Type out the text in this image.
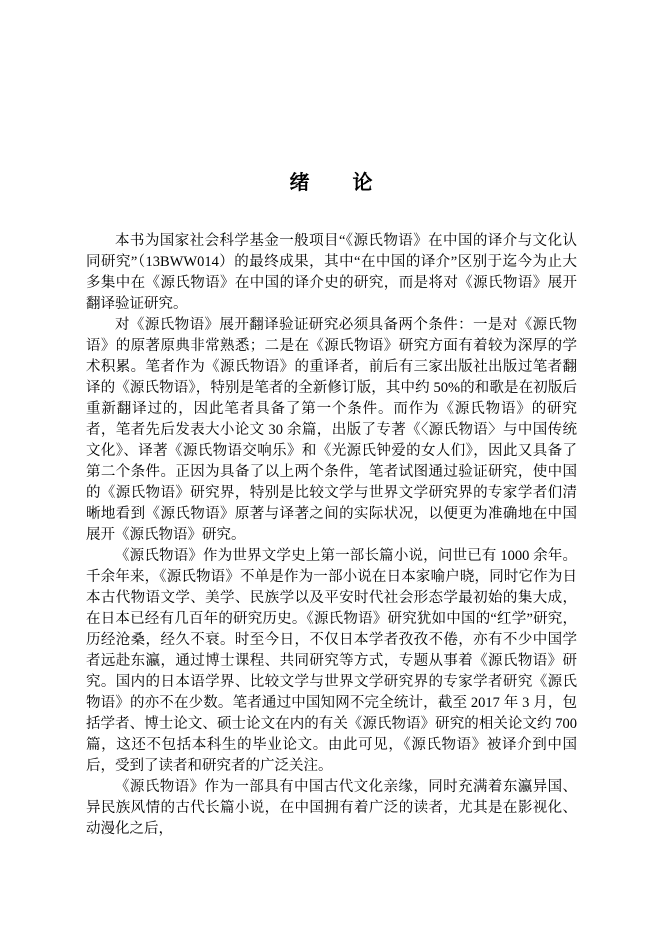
绪　　论

本书为国家社会科学基金一般项目“《源氏物语》在中国的译介与文化认同研究”（13BWW014）的最终成果，其中“在中国的译介”区别于迄今为止大多集中在《源氏物语》在中国的译介史的研究，而是将对《源氏物语》展开翻译验证研究。

对《源氏物语》展开翻译验证研究必须具备两个条件：一是对《源氏物语》的原著原典非常熟悉；二是在《源氏物语》研究方面有着较为深厚的学术积累。笔者作为《源氏物语》的重译者，前后有三家出版社出版过笔者翻译的《源氏物语》，特别是笔者的全新修订版，其中约 50%的和歌是在初版后重新翻译过的，因此笔者具备了第一个条件。而作为《源氏物语》的研究者，笔者先后发表大小论文 30 余篇，出版了专著《〈源氏物语〉与中国传统文化》、译著《源氏物语交响乐》和《光源氏钟爱的女人们》，因此又具备了第二个条件。正因为具备了以上两个条件，笔者试图通过验证研究，使中国的《源氏物语》研究界，特别是比较文学与世界文学研究界的专家学者们清晰地看到《源氏物语》原著与译著之间的实际状况，以便更为准确地在中国展开《源氏物语》研究。

《源氏物语》作为世界文学史上第一部长篇小说，问世已有 1000 余年。千余年来，《源氏物语》不单是作为一部小说在日本家喻户晓，同时它作为日本古代物语文学、美学、民族学以及平安时代社会形态学最初始的集大成，在日本已经有几百年的研究历史。《源氏物语》研究犹如中国的“红学”研究，历经沧桑，经久不衰。时至今日，不仅日本学者孜孜不倦，亦有不少中国学者远赴东瀛，通过博士课程、共同研究等方式，专题从事着《源氏物语》研究。国内的日本语学界、比较文学与世界文学研究界的专家学者研究《源氏物语》的亦不在少数。笔者通过中国知网不完全统计，截至 2017 年 3 月，包括学者、博士论文、硕士论文在内的有关《源氏物语》研究的相关论文约 700 篇，这还不包括本科生的毕业论文。由此可见，《源氏物语》被译介到中国后，受到了读者和研究者的广泛关注。

《源氏物语》作为一部具有中国古代文化亲缘，同时充满着东瀛异国、异民族风情的古代长篇小说，在中国拥有着广泛的读者，尤其是在影视化、动漫化之后，
